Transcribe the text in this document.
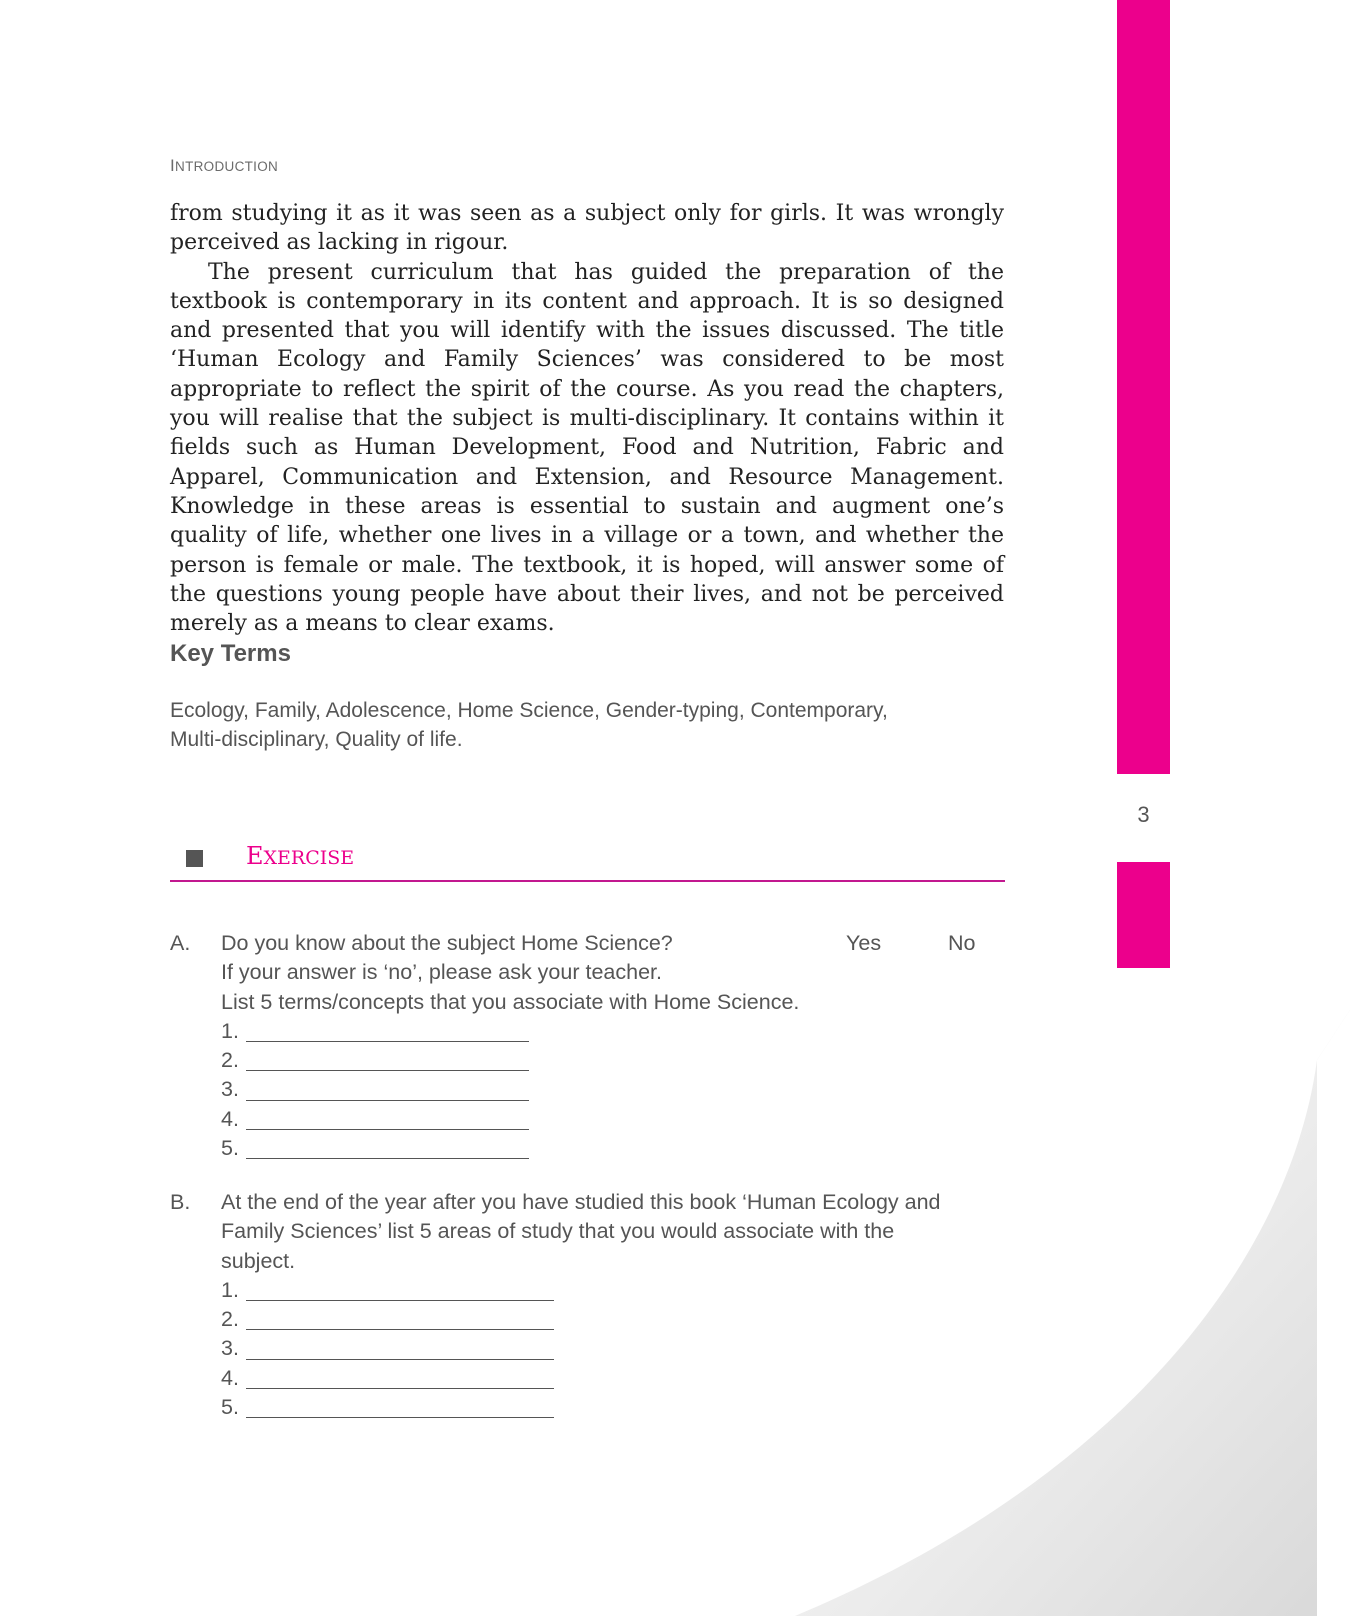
INTRODUCTION

from studying it as it was seen as a subject only for girls. It was wrongly perceived as lacking in rigour.

The present curriculum that has guided the preparation of the textbook is contemporary in its content and approach. It is so designed and presented that you will identify with the issues discussed. The title ‘Human Ecology and Family Sciences’ was considered to be most appropriate to reflect the spirit of the course. As you read the chapters, you will realise that the subject is multi-disciplinary. It contains within it fields such as Human Development, Food and Nutrition, Fabric and Apparel, Communication and Extension, and Resource Management. Knowledge in these areas is essential to sustain and augment one’s quality of life, whether one lives in a village or a town, and whether the person is female or male. The textbook, it is hoped, will answer some of the questions young people have about their lives, and not be perceived merely as a means to clear exams.

Key Terms
Ecology, Family, Adolescence, Home Science, Gender-typing, Contemporary,
Multi-disciplinary, Quality of life.
3
EXERCISE
A. Do you know about the subject Home Science?
If your answer is ‘no’, please ask your teacher.
List 5 terms/concepts that you associate with Home Science.
1.
2.
3.
4.
5.
Yes	No
B. At the end of the year after you have studied this book ‘Human Ecology and
Family Sciences’ list 5 areas of study that you would associate with the
subject.
1.
2.
3.
4.
5.
